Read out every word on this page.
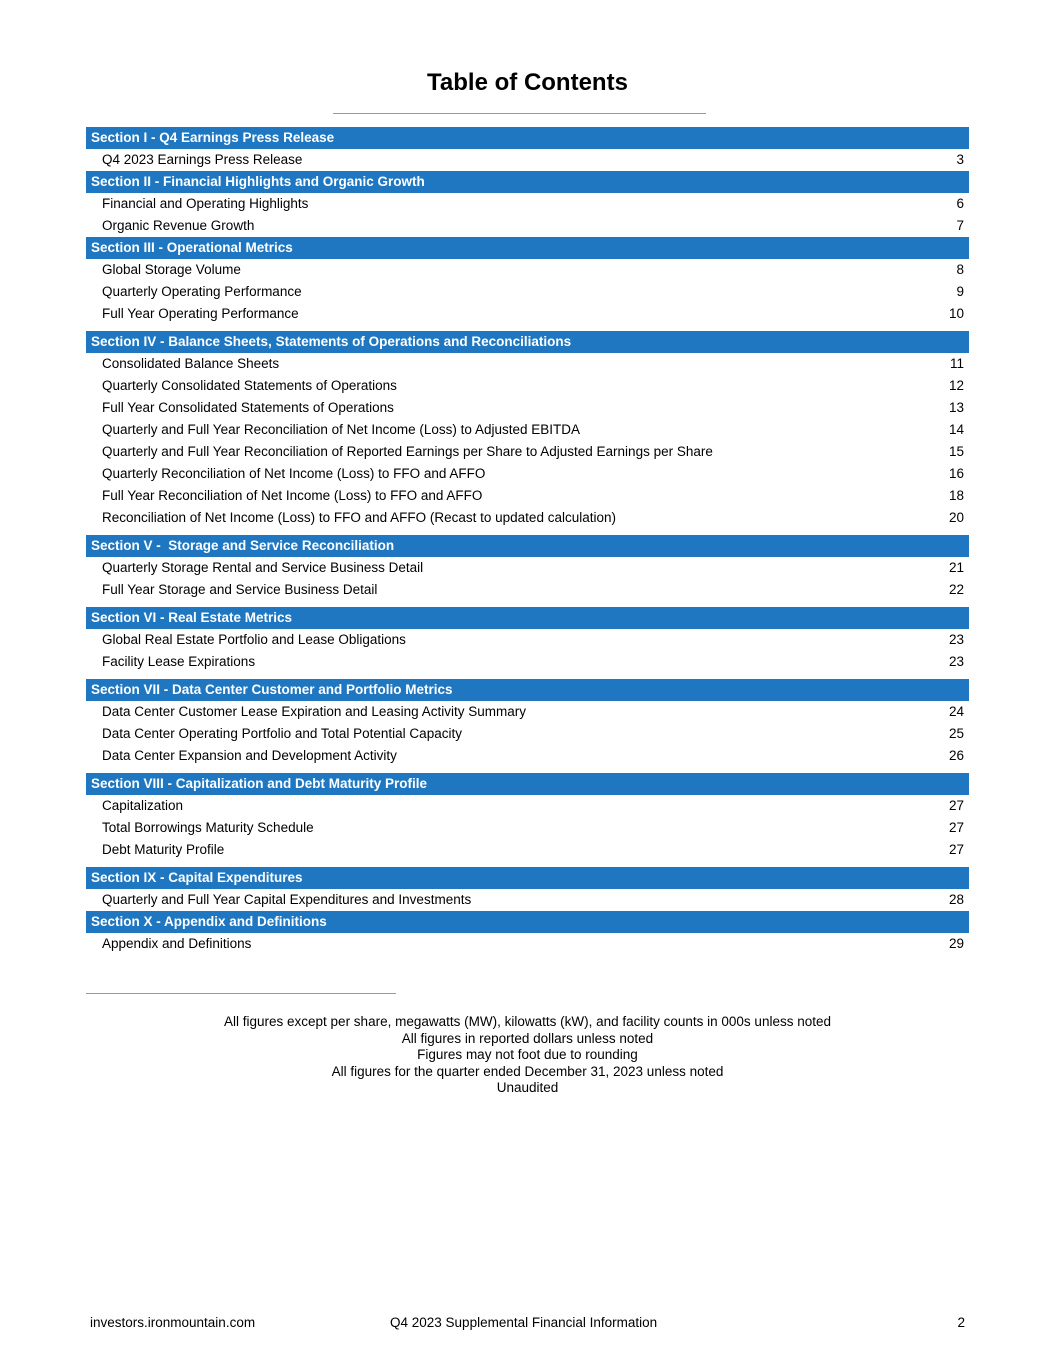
Table of Contents
Section I - Q4 Earnings Press Release
Q4 2023 Earnings Press Release	3
Section II - Financial Highlights and Organic Growth
Financial and Operating Highlights	6
Organic Revenue Growth	7
Section III - Operational Metrics
Global Storage Volume	8
Quarterly Operating Performance	9
Full Year Operating Performance	10
Section IV - Balance Sheets, Statements of Operations and Reconciliations
Consolidated Balance Sheets	11
Quarterly Consolidated Statements of Operations	12
Full Year Consolidated Statements of Operations	13
Quarterly and Full Year Reconciliation of Net Income (Loss) to Adjusted EBITDA	14
Quarterly and Full Year Reconciliation of Reported Earnings per Share to Adjusted Earnings per Share	15
Quarterly Reconciliation of Net Income (Loss) to FFO and AFFO	16
Full Year Reconciliation of Net Income (Loss) to FFO and AFFO	18
Reconciliation of Net Income (Loss) to FFO and AFFO (Recast to updated calculation)	20
Section V -  Storage and Service Reconciliation
Quarterly Storage Rental and Service Business Detail	21
Full Year Storage and Service Business Detail	22
Section VI - Real Estate Metrics
Global Real Estate Portfolio and Lease Obligations	23
Facility Lease Expirations	23
Section VII - Data Center Customer and Portfolio Metrics
Data Center Customer Lease Expiration and Leasing Activity Summary	24
Data Center Operating Portfolio and Total Potential Capacity	25
Data Center Expansion and Development Activity	26
Section VIII - Capitalization and Debt Maturity Profile
Capitalization	27
Total Borrowings Maturity Schedule	27
Debt Maturity Profile	27
Section IX - Capital Expenditures
Quarterly and Full Year Capital Expenditures and Investments	28
Section X - Appendix and Definitions
Appendix and Definitions	29
All figures except per share, megawatts (MW), kilowatts (kW), and facility counts in 000s unless noted
All figures in reported dollars unless noted
Figures may not foot due to rounding
All figures for the quarter ended December 31, 2023 unless noted
Unaudited
investors.ironmountain.com	Q4 2023 Supplemental Financial Information	2
